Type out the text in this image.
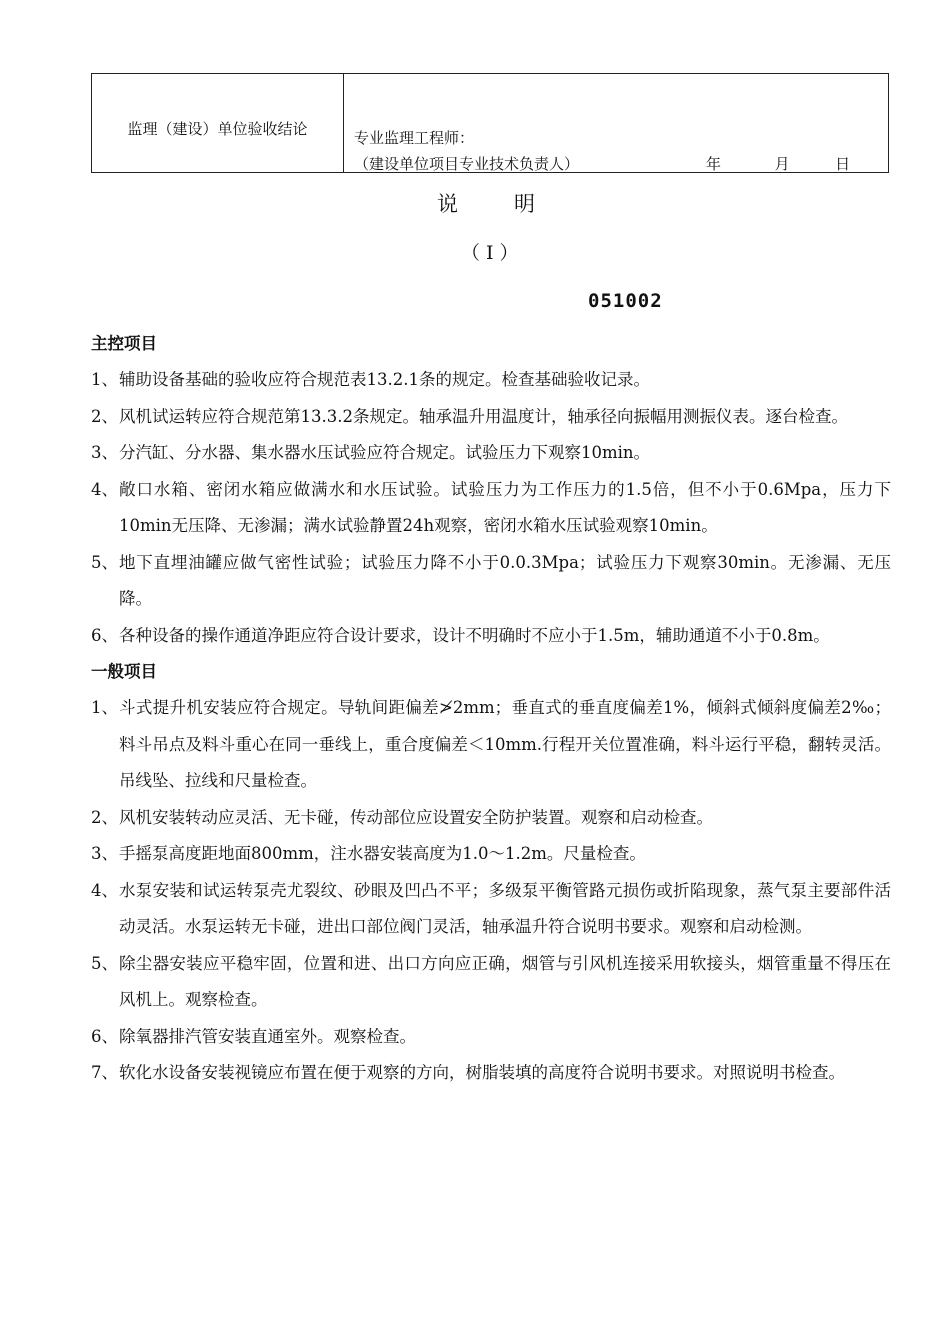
监理（建设）单位验收结论	专业监理工程师：
（建设单位项目专业技术负责人）	年	月	日
说	明
（Ⅰ）
051002
主控项目
1、 辅助设备基础的验收应符合规范表13.2.1条的规定。检查基础验收记录。
2、 风机试运转应符合规范第13.3.2条规定。轴承温升用温度计，轴承径向振幅用测振仪表。逐台检查。
3、 分汽缸、分水器、集水器水压试验应符合规定。试验压力下观察10min。
4、 敞口水箱、密闭水箱应做满水和水压试验。试验压力为工作压力的1.5倍，但不小于0.6Mpa，压力下10min无压降、无渗漏；满水试验静置24h观察，密闭水箱水压试验观察10min。
5、 地下直埋油罐应做气密性试验；试验压力降不小于0.0.3Mpa；试验压力下观察30min。无渗漏、无压降。
6、 各种设备的操作通道净距应符合设计要求，设计不明确时不应小于1.5m，辅助通道不小于0.8m。
一般项目
1、 斗式提升机安装应符合规定。导轨间距偏差≯2mm；垂直式的垂直度偏差1%，倾斜式倾斜度偏差2‰；料斗吊点及料斗重心在同一垂线上，重合度偏差＜10mm.行程开关位置准确，料斗运行平稳，翻转灵活。吊线坠、拉线和尺量检查。
2、 风机安装转动应灵活、无卡碰，传动部位应设置安全防护装置。观察和启动检查。
3、 手摇泵高度距地面800mm，注水器安装高度为1.0～1.2m。尺量检查。
4、 水泵安装和试运转泵壳尤裂纹、砂眼及凹凸不平；多级泵平衡管路元损伤或折陷现象，蒸气泵主要部件活动灵活。水泵运转无卡碰，进出口部位阀门灵活，轴承温升符合说明书要求。观察和启动检测。
5、 除尘器安装应平稳牢固，位置和进、出口方向应正确，烟管与引风机连接采用软接头，烟管重量不得压在风机上。观察检查。
6、 除氧器排汽管安装直通室外。观察检查。
7、 软化水设备安装视镜应布置在便于观察的方向，树脂装填的高度符合说明书要求。对照说明书检查。
